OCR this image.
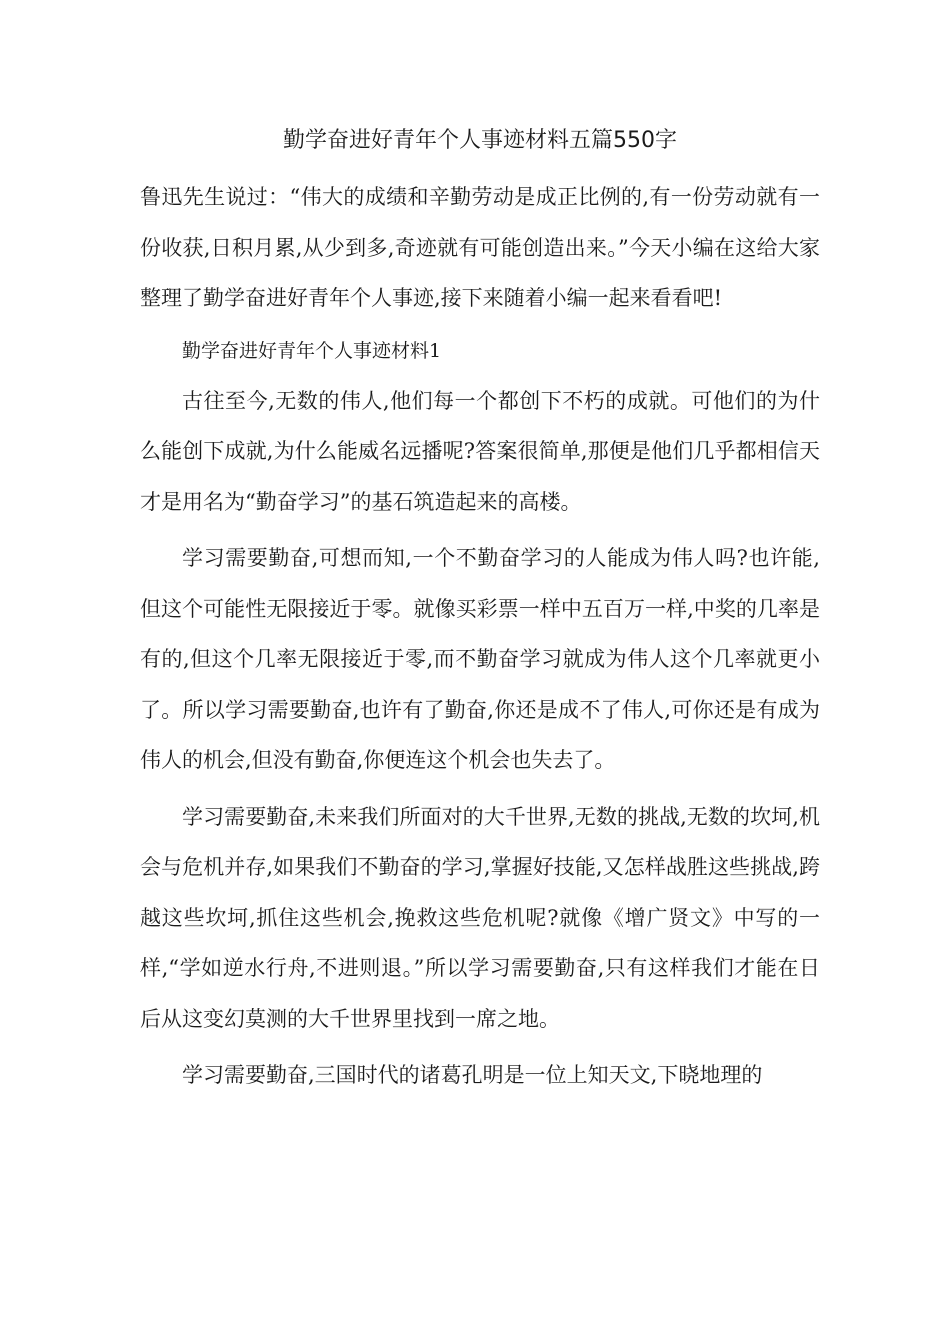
勤学奋进好青年个人事迹材料五篇550字

鲁迅先生说过：“伟大的成绩和辛勤劳动是成正比例的,有一份劳动就有一份收获,日积月累,从少到多,奇迹就有可能创造出来。”今天小编在这给大家整理了勤学奋进好青年个人事迹,接下来随着小编一起来看看吧!

勤学奋进好青年个人事迹材料1

古往至今,无数的伟人,他们每一个都创下不朽的成就。可他们的为什么能创下成就,为什么能威名远播呢?答案很简单,那便是他们几乎都相信天才是用名为“勤奋学习”的基石筑造起来的高楼。

学习需要勤奋,可想而知,一个不勤奋学习的人能成为伟人吗?也许能,但这个可能性无限接近于零。就像买彩票一样中五百万一样,中奖的几率是有的,但这个几率无限接近于零,而不勤奋学习就成为伟人这个几率就更小了。所以学习需要勤奋,也许有了勤奋,你还是成不了伟人,可你还是有成为伟人的机会,但没有勤奋,你便连这个机会也失去了。

学习需要勤奋,未来我们所面对的大千世界,无数的挑战,无数的坎坷,机会与危机并存,如果我们不勤奋的学习,掌握好技能,又怎样战胜这些挑战,跨越这些坎坷,抓住这些机会,挽救这些危机呢?就像《增广贤文》中写的一样,“学如逆水行舟,不进则退。”所以学习需要勤奋,只有这样我们才能在日后从这变幻莫测的大千世界里找到一席之地。

学习需要勤奋,三国时代的诸葛孔明是一位上知天文,下晓地理的
